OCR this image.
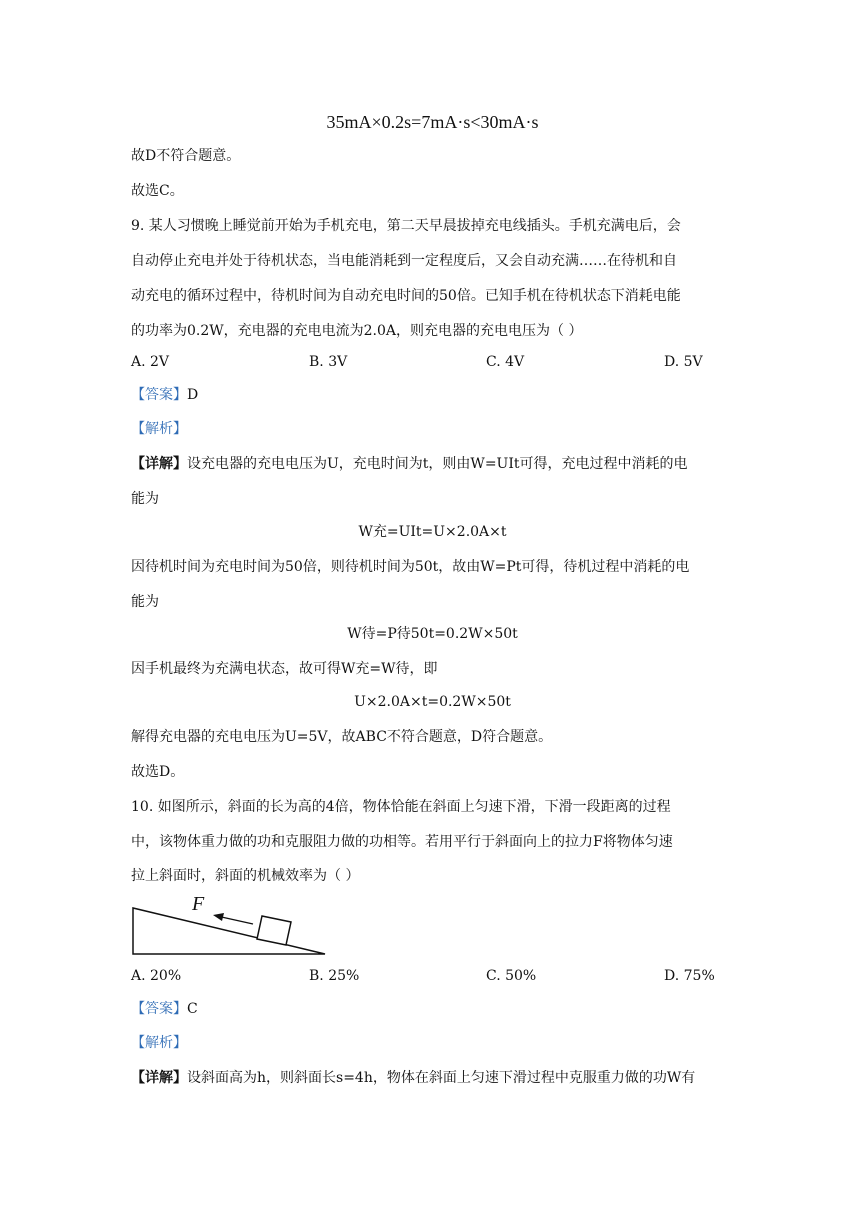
35mA×0.2s=7mA·s<30mA·s
故D不符合题意。
故选C。
9. 某人习惯晚上睡觉前开始为手机充电，第二天早晨拔掉充电线插头。手机充满电后，会
自动停止充电并处于待机状态，当电能消耗到一定程度后，又会自动充满……在待机和自
动充电的循环过程中，待机时间为自动充电时间的50倍。已知手机在待机状态下消耗电能
的功率为0.2W，充电器的充电电流为2.0A，则充电器的充电电压为（ ）
A. 2V	B. 3V	C. 4V	D. 5V
【答案】D
【解析】
【详解】设充电器的充电电压为U，充电时间为t，则由W=UIt可得，充电过程中消耗的电
能为
W充=UIt=U×2.0A×t
因待机时间为充电时间为50倍，则待机时间为50t，故由W=Pt可得，待机过程中消耗的电
能为
W待=P待50t=0.2W×50t
因手机最终为充满电状态，故可得W充=W待，即
U×2.0A×t=0.2W×50t
解得充电器的充电电压为U=5V，故ABC不符合题意，D符合题意。
故选D。
10. 如图所示，斜面的长为高的4倍，物体恰能在斜面上匀速下滑，下滑一段距离的过程
中，该物体重力做的功和克服阻力做的功相等。若用平行于斜面向上的拉力F将物体匀速
拉上斜面时，斜面的机械效率为（ ）
F
A. 20%	B. 25%	C. 50%	D. 75%
【答案】C
【解析】
【详解】设斜面高为h，则斜面长s=4h，物体在斜面上匀速下滑过程中克服重力做的功W有
